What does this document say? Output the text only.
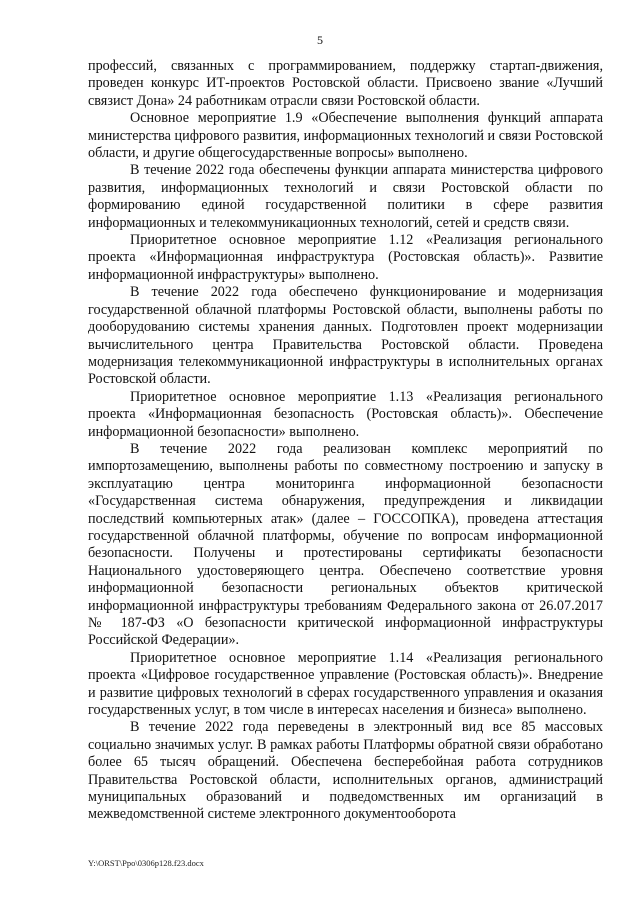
5

профессий, связанных с программированием, поддержку стартап-движения, проведен конкурс ИТ-проектов Ростовской области. Присвоено звание «Лучший связист Дона» 24 работникам отрасли связи Ростовской области.

Основное мероприятие 1.9 «Обеспечение выполнения функций аппарата министерства цифрового развития, информационных технологий и связи Ростовской области, и другие общегосударственные вопросы» выполнено.

В течение 2022 года обеспечены функции аппарата министерства цифрового развития, информационных технологий и связи Ростовской области по формированию единой государственной политики в сфере развития информационных и телекоммуникационных технологий, сетей и средств связи.

Приоритетное основное мероприятие 1.12 «Реализация регионального проекта «Информационная инфраструктура (Ростовская область)». Развитие информационной инфраструктуры» выполнено.

В течение 2022 года обеспечено функционирование и модернизация государственной облачной платформы Ростовской области, выполнены работы по дооборудованию системы хранения данных. Подготовлен проект модернизации вычислительного центра Правительства Ростовской области. Проведена модернизация телекоммуникационной инфраструктуры в исполнительных органах Ростовской области.

Приоритетное основное мероприятие 1.13 «Реализация регионального проекта «Информационная безопасность (Ростовская область)». Обеспечение информационной безопасности» выполнено.

В течение 2022 года реализован комплекс мероприятий по импортозамещению, выполнены работы по совместному построению и запуску в эксплуатацию центра мониторинга информационной безопасности «Государственная система обнаружения, предупреждения и ликвидации последствий компьютерных атак» (далее – ГОССОПКА), проведена аттестация государственной облачной платформы, обучение по вопросам информационной безопасности. Получены и протестированы сертификаты безопасности Национального удостоверяющего центра. Обеспечено соответствие уровня информационной безопасности региональных объектов критической информационной инфраструктуры требованиям Федерального закона от 26.07.2017 № 187-ФЗ «О безопасности критической информационной инфраструктуры Российской Федерации».

Приоритетное основное мероприятие 1.14 «Реализация регионального проекта «Цифровое государственное управление (Ростовская область)». Внедрение и развитие цифровых технологий в сферах государственного управления и оказания государственных услуг, в том числе в интересах населения и бизнеса» выполнено.

В течение 2022 года переведены в электронный вид все 85 массовых социально значимых услуг. В рамках работы Платформы обратной связи обработано более 65 тысяч обращений. Обеспечена бесперебойная работа сотрудников Правительства Ростовской области, исполнительных органов, администраций муниципальных образований и подведомственных им организаций в межведомственной системе электронного документооборота

Y:\ORST\Ppo\0306p128.f23.docx
